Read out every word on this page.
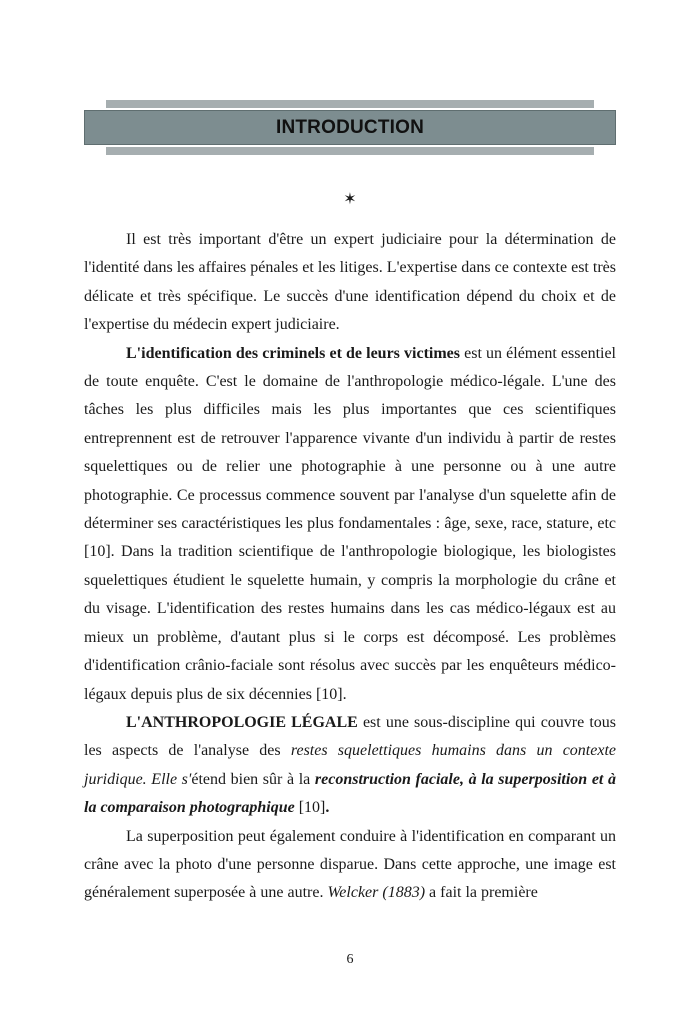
INTRODUCTION
✶

Il est très important d'être un expert judiciaire pour la détermination de l'identité dans les affaires pénales et les litiges. L'expertise dans ce contexte est très délicate et très spécifique. Le succès d'une identification dépend du choix et de l'expertise du médecin expert judiciaire.

L'identification des criminels et de leurs victimes est un élément essentiel de toute enquête. C'est le domaine de l'anthropologie médico-légale. L'une des tâches les plus difficiles mais les plus importantes que ces scientifiques entreprennent est de retrouver l'apparence vivante d'un individu à partir de restes squelettiques ou de relier une photographie à une personne ou à une autre photographie. Ce processus commence souvent par l'analyse d'un squelette afin de déterminer ses caractéristiques les plus fondamentales : âge, sexe, race, stature, etc [10]. Dans la tradition scientifique de l'anthropologie biologique, les biologistes squelettiques étudient le squelette humain, y compris la morphologie du crâne et du visage. L'identification des restes humains dans les cas médico-légaux est au mieux un problème, d'autant plus si le corps est décomposé. Les problèmes d'identification crânio-faciale sont résolus avec succès par les enquêteurs médico-légaux depuis plus de six décennies [10].

L'ANTHROPOLOGIE LÉGALE est une sous-discipline qui couvre tous les aspects de l'analyse des restes squelettiques humains dans un contexte juridique. Elle s'étend bien sûr à la reconstruction faciale, à la superposition et à la comparaison photographique [10].

La superposition peut également conduire à l'identification en comparant un crâne avec la photo d'une personne disparue. Dans cette approche, une image est généralement superposée à une autre. Welcker (1883) a fait la première

6
